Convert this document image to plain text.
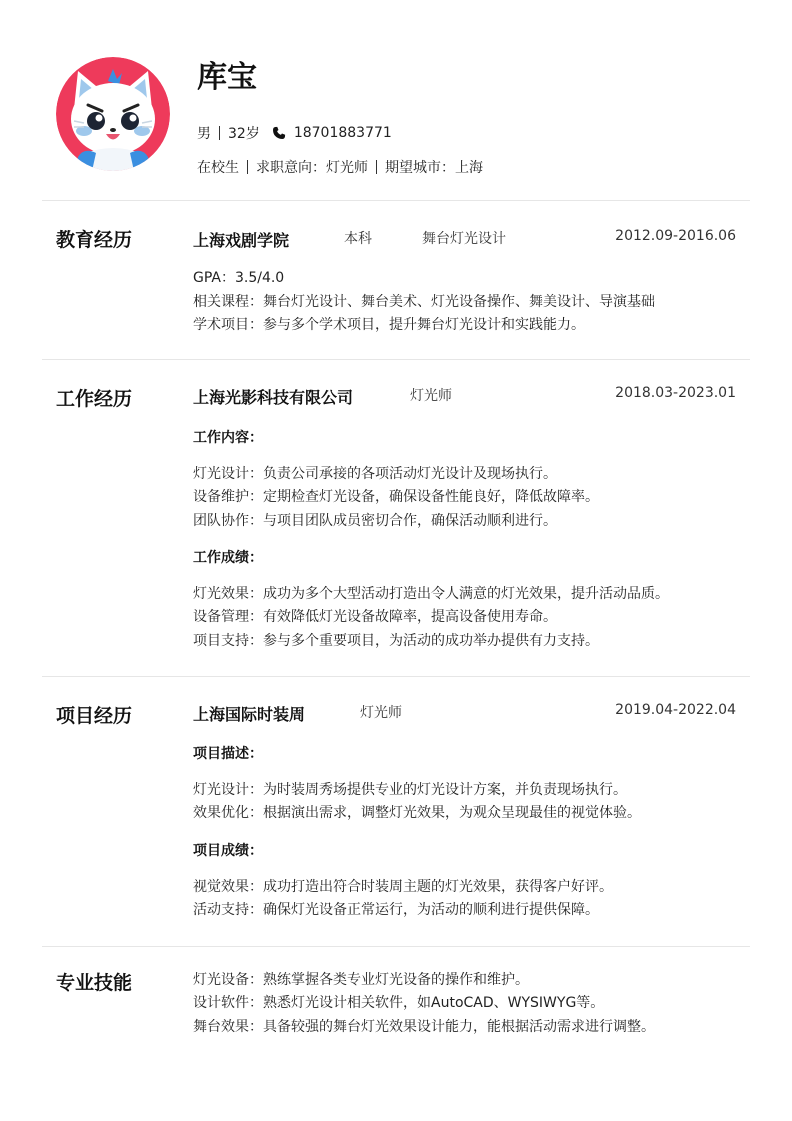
库宝
男 32岁 18701883771
在校生 求职意向：灯光师 期望城市：上海
教育经历	上海戏剧学院	本科	舞台灯光设计	2012.09-2016.06
GPA：3.5/4.0
相关课程：舞台灯光设计、舞台美术、灯光设备操作、舞美设计、导演基础
学术项目：参与多个学术项目，提升舞台灯光设计和实践能力。
工作经历	上海光影科技有限公司	灯光师	2018.03-2023.01
工作内容：
灯光设计：负责公司承接的各项活动灯光设计及现场执行。
设备维护：定期检查灯光设备，确保设备性能良好，降低故障率。
团队协作：与项目团队成员密切合作，确保活动顺利进行。
工作成绩：
灯光效果：成功为多个大型活动打造出令人满意的灯光效果，提升活动品质。
设备管理：有效降低灯光设备故障率，提高设备使用寿命。
项目支持：参与多个重要项目，为活动的成功举办提供有力支持。
项目经历	上海国际时装周	灯光师	2019.04-2022.04
项目描述：
灯光设计：为时装周秀场提供专业的灯光设计方案，并负责现场执行。
效果优化：根据演出需求，调整灯光效果，为观众呈现最佳的视觉体验。
项目成绩：
视觉效果：成功打造出符合时装周主题的灯光效果，获得客户好评。
活动支持：确保灯光设备正常运行，为活动的顺利进行提供保障。
专业技能	灯光设备：熟练掌握各类专业灯光设备的操作和维护。
设计软件：熟悉灯光设计相关软件，如AutoCAD、WYSIWYG等。
舞台效果：具备较强的舞台灯光效果设计能力，能根据活动需求进行调整。
